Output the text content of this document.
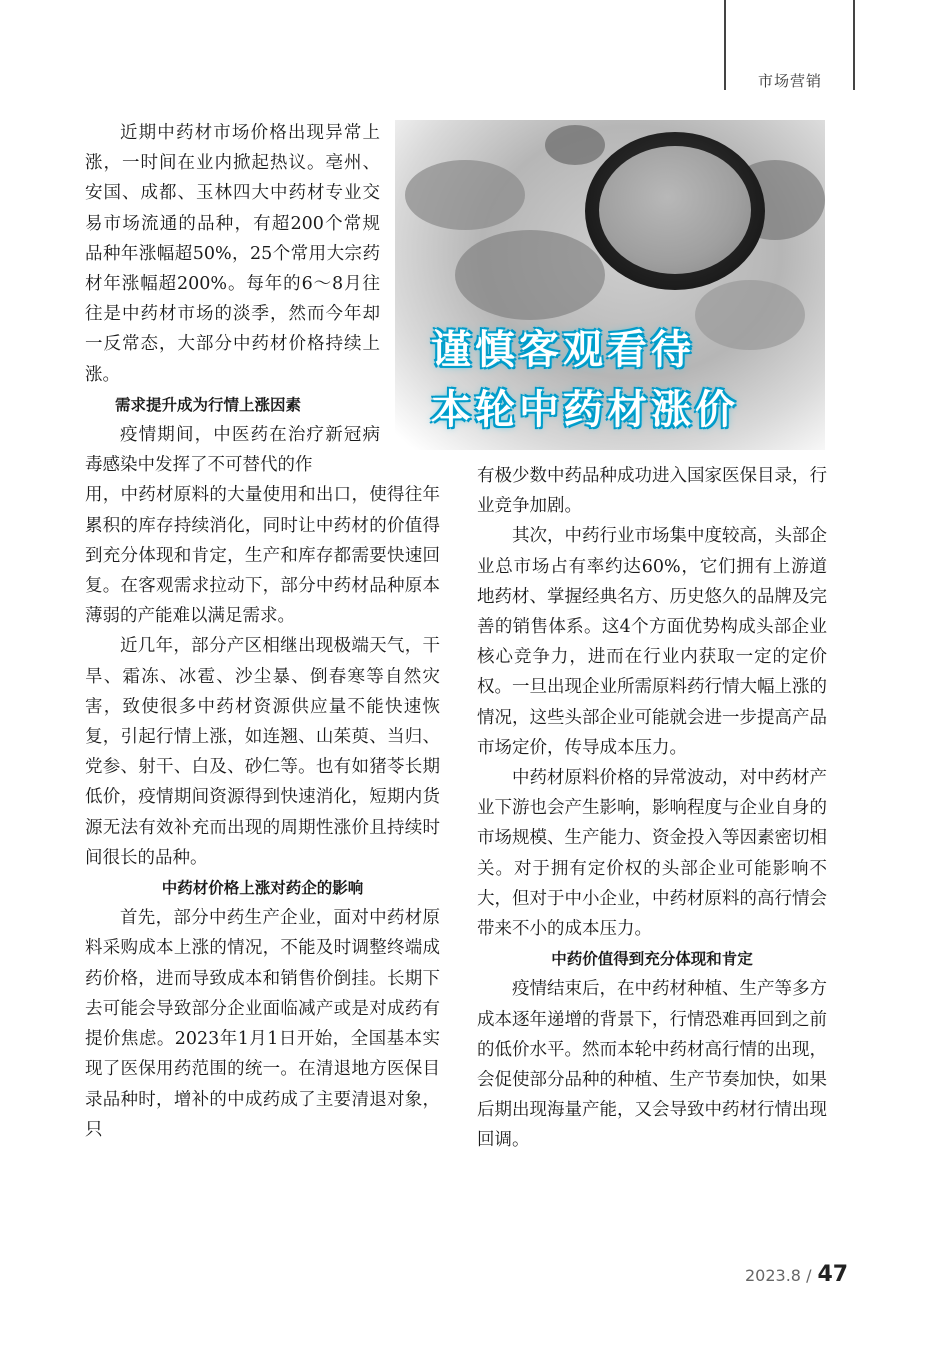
市场营销
谨慎客观看待
本轮中药材涨价

近期中药材市场价格出现异常上涨，一时间在业内掀起热议。亳州、安国、成都、玉林四大中药材专业交易市场流通的品种，有超200个常规品种年涨幅超50%，25个常用大宗药材年涨幅超200%。每年的6～8月往往是中药材市场的淡季，然而今年却一反常态，大部分中药材价格持续上涨。

需求提升成为行情上涨因素

疫情期间，中医药在治疗新冠病毒感染中发挥了不可替代的作

用，中药材原料的大量使用和出口，使得往年累积的库存持续消化，同时让中药材的价值得到充分体现和肯定，生产和库存都需要快速回复。在客观需求拉动下，部分中药材品种原本薄弱的产能难以满足需求。

近几年，部分产区相继出现极端天气，干旱、霜冻、冰雹、沙尘暴、倒春寒等自然灾害，致使很多中药材资源供应量不能快速恢复，引起行情上涨，如连翘、山茱萸、当归、党参、射干、白及、砂仁等。也有如猪苓长期低价，疫情期间资源得到快速消化，短期内货源无法有效补充而出现的周期性涨价且持续时间很长的品种。

中药材价格上涨对药企的影响

首先，部分中药生产企业，面对中药材原料采购成本上涨的情况，不能及时调整终端成药价格，进而导致成本和销售价倒挂。长期下去可能会导致部分企业面临减产或是对成药有提价焦虑。2023年1月1日开始，全国基本实现了医保用药范围的统一。在清退地方医保目录品种时，增补的中成药成了主要清退对象，只

有极少数中药品种成功进入国家医保目录，行业竞争加剧。

其次，中药行业市场集中度较高，头部企业总市场占有率约达60%，它们拥有上游道地药材、掌握经典名方、历史悠久的品牌及完善的销售体系。这4个方面优势构成头部企业核心竞争力，进而在行业内获取一定的定价权。一旦出现企业所需原料药行情大幅上涨的情况，这些头部企业可能就会进一步提高产品市场定价，传导成本压力。

中药材原料价格的异常波动，对中药材产业下游也会产生影响，影响程度与企业自身的市场规模、生产能力、资金投入等因素密切相关。对于拥有定价权的头部企业可能影响不大，但对于中小企业，中药材原料的高行情会带来不小的成本压力。

中药价值得到充分体现和肯定

疫情结束后，在中药材种植、生产等多方成本逐年递增的背景下，行情恐难再回到之前的低价水平。然而本轮中药材高行情的出现，会促使部分品种的种植、生产节奏加快，如果后期出现海量产能，又会导致中药材行情出现回调。

2023.8 / 47
